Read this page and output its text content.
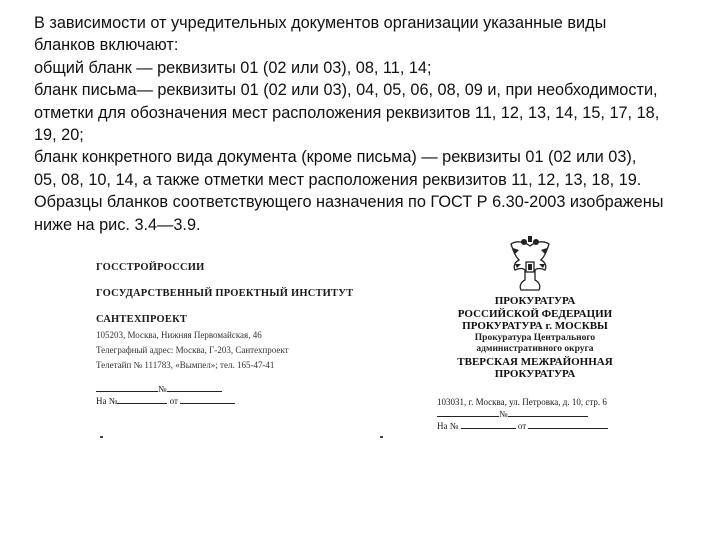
В зависимости от учредительных документов организации указанные виды
бланков включают:
общий бланк — реквизиты 01 (02 или 03), 08, 11, 14;
бланк письма— реквизиты 01 (02 или 03), 04, 05, 06, 08, 09 и, при необходимости,
отметки для обозначения мест расположения реквизитов 11, 12, 13, 14, 15, 17, 18,
19, 20;
бланк конкретного вида документа (кроме письма) — реквизиты 01 (02 или 03),
05, 08, 10, 14, а также отметки мест расположения реквизитов 11, 12, 13, 18, 19.
Образцы бланков соответствующего назначения по ГОСТ Р 6.30-2003 изображены
ниже на рис. 3.4—3.9.
ГОССТРОЙРОССИИ
ГОСУДАРСТВЕННЫЙ ПРОЕКТНЫЙ ИНСТИТУТ
САНТЕХПРОЕКТ
105203, Москва, Нижняя Первомайская, 46
Телеграфный адрес: Москва, Г-203, Сантехпроект
Телетайп № 111783, «Вымпел»; тел. 165-47-41
№
На №	от
ПРОКУРАТУРА
РОССИЙСКОЙ ФЕДЕРАЦИИ
ПРОКУРАТУРА г. МОСКВЫ
Прокуратура Центрального
административного округа
ТВЕРСКАЯ МЕЖРАЙОННАЯ
ПРОКУРАТУРА
103031, г. Москва, ул. Петровка, д. 10, стр. 6
№
На №	от
